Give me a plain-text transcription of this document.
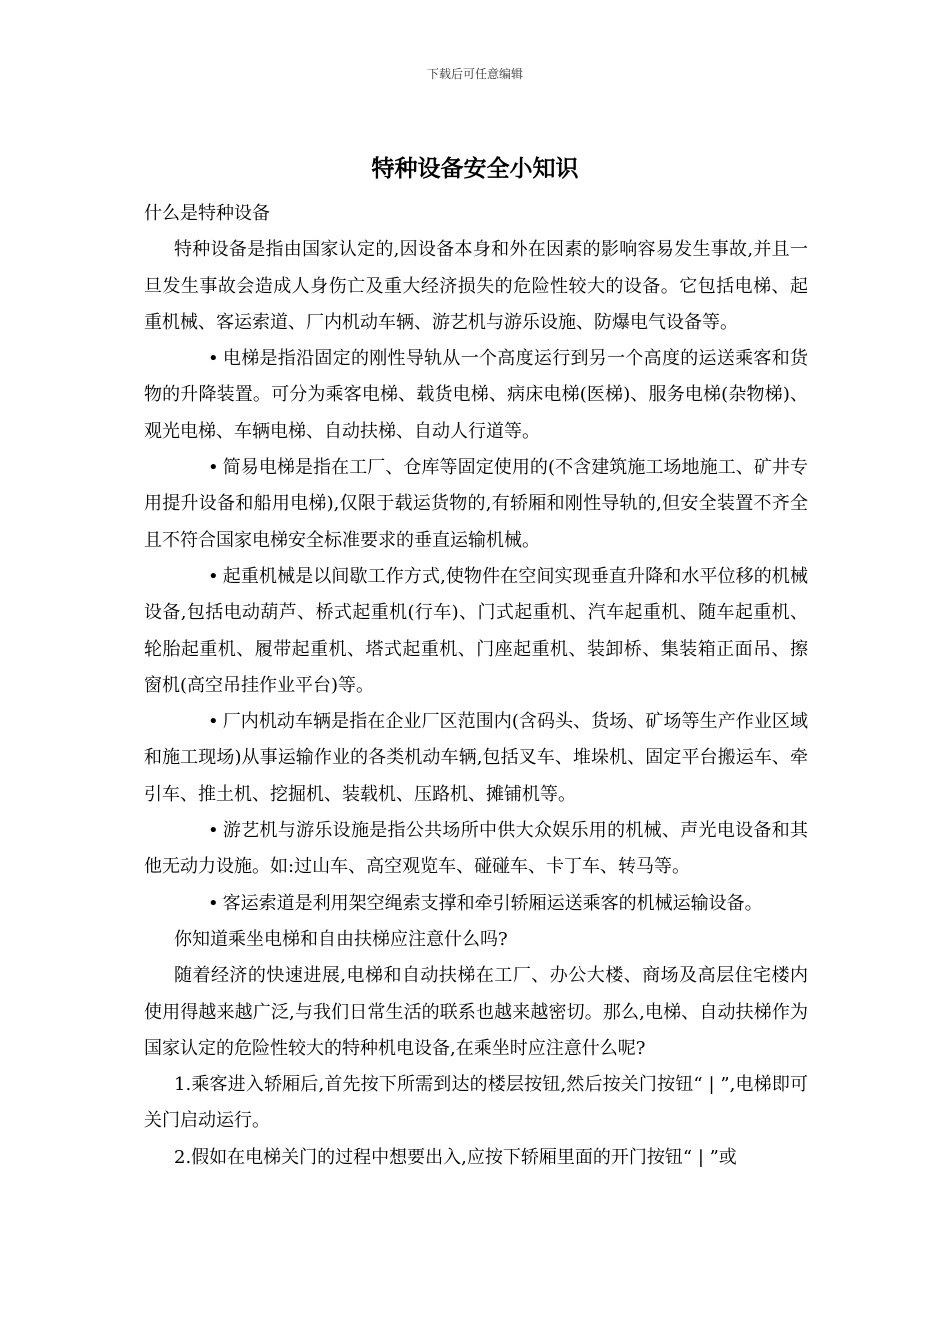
下载后可任意编辑
特种设备安全小知识

什么是特种设备

特种设备是指由国家认定的,因设备本身和外在因素的影响容易发生事故,并且一旦发生事故会造成人身伤亡及重大经济损失的危险性较大的设备。它包括电梯、起重机械、客运索道、厂内机动车辆、游艺机与游乐设施、防爆电气设备等。

• 电梯是指沿固定的刚性导轨从一个高度运行到另一个高度的运送乘客和货物的升降装置。可分为乘客电梯、载货电梯、病床电梯(医梯)、服务电梯(杂物梯)、观光电梯、车辆电梯、自动扶梯、自动人行道等。

• 简易电梯是指在工厂、仓库等固定使用的(不含建筑施工场地施工、矿井专用提升设备和船用电梯),仅限于载运货物的,有轿厢和刚性导轨的,但安全装置不齐全且不符合国家电梯安全标准要求的垂直运输机械。

• 起重机械是以间歇工作方式,使物件在空间实现垂直升降和水平位移的机械设备,包括电动葫芦、桥式起重机(行车)、门式起重机、汽车起重机、随车起重机、轮胎起重机、履带起重机、塔式起重机、门座起重机、装卸桥、集装箱正面吊、擦窗机(高空吊挂作业平台)等。

• 厂内机动车辆是指在企业厂区范围内(含码头、货场、矿场等生产作业区域和施工现场)从事运输作业的各类机动车辆,包括叉车、堆垛机、固定平台搬运车、牵引车、推土机、挖掘机、装载机、压路机、摊铺机等。

• 游艺机与游乐设施是指公共场所中供大众娱乐用的机械、声光电设备和其他无动力设施。如:过山车、高空观览车、碰碰车、卡丁车、转马等。

• 客运索道是利用架空绳索支撑和牵引轿厢运送乘客的机械运输设备。

你知道乘坐电梯和自由扶梯应注意什么吗?

随着经济的快速进展,电梯和自动扶梯在工厂、办公大楼、商场及高层住宅楼内使用得越来越广泛,与我们日常生活的联系也越来越密切。那么,电梯、自动扶梯作为国家认定的危险性较大的特种机电设备,在乘坐时应注意什么呢?

1.乘客进入轿厢后,首先按下所需到达的楼层按钮,然后按关门按钮“ | ”,电梯即可关门启动运行。

2.假如在电梯关门的过程中想要出入,应按下轿厢里面的开门按钮“ | ”或
